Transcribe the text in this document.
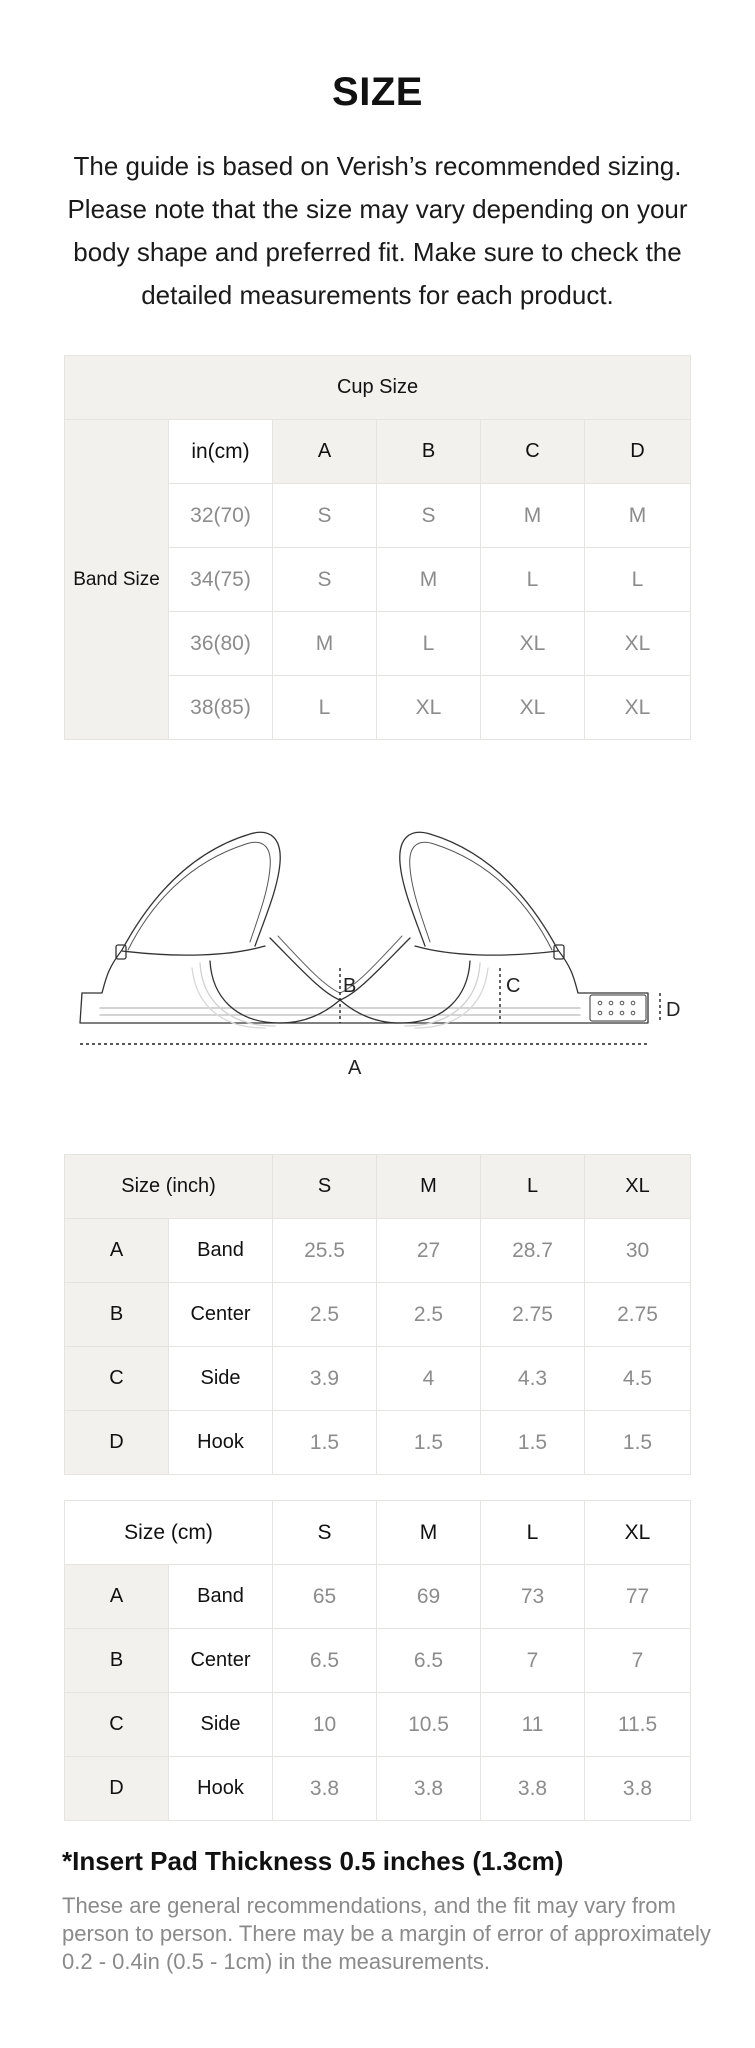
SIZE
The guide is based on Verish’s recommended sizing. Please note that the size may vary depending on your body shape and preferred fit. Make sure to check the detailed measurements for each product.
Cup Size					
Band Size	in(cm)	A	B	C	D
	32(70)	S	S	M	M
	34(75)	S	M	L	L
	36(80)	M	L	XL	XL
	38(85)	L	XL	XL	XL
A
B	C
D
Size (inch)		S	M	L	XL
A	Band	25.5	27	28.7	30
B	Center	2.5	2.5	2.75	2.75
C	Side	3.9	4	4.3	4.5
D	Hook	1.5	1.5	1.5	1.5
Size (cm)		S	M	L	XL
A	Band	65	69	73	77
B	Center	6.5	6.5	7	7
C	Side	10	10.5	11	11.5
D	Hook	3.8	3.8	3.8	3.8
*Insert Pad Thickness 0.5 inches (1.3cm)
These are general recommendations, and the fit may vary from person to person. There may be a margin of error of approximately 0.2 - 0.4in (0.5 - 1cm) in the measurements.
